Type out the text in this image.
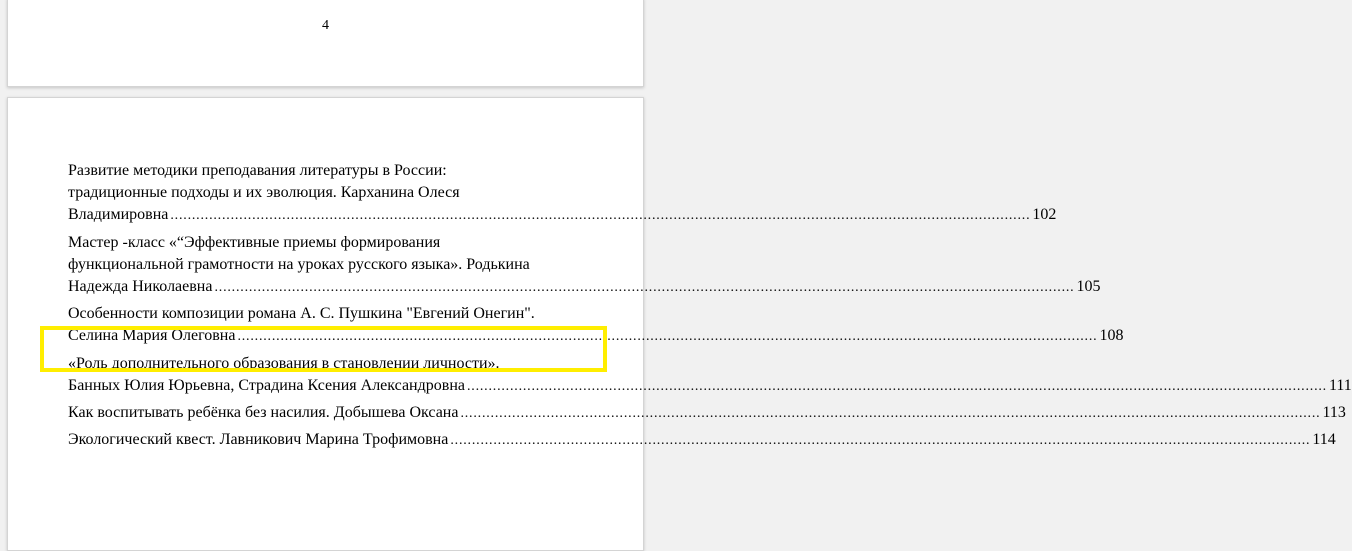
4
Развитие методики преподавания литературы в России:
традиционные подходы и их эволюция. Карханина Олеся
Владимировна ........................................................................................................................................................................................................ 102
Мастер -класс «“Эффективные приемы формирования
функциональной грамотности на уроках русского языка». Родькина
Надежда Николаевна ........................................................................................................................................................................................................ 105
Особенности композиции романа А. С. Пушкина "Евгений Онегин".
Селина Мария Олеговна ........................................................................................................................................................................................................ 108
«Роль дополнительного образования в становлении личности».
Банных Юлия Юрьевна, Страдина Ксения Александровна ........................................................................................................................................................................................................ 111
Как воспитывать ребёнка без насилия. Добышева Оксана ........................................................................................................................................................................................................ 113
Экологический квест. Лавникович Марина Трофимовна ........................................................................................................................................................................................................ 114
